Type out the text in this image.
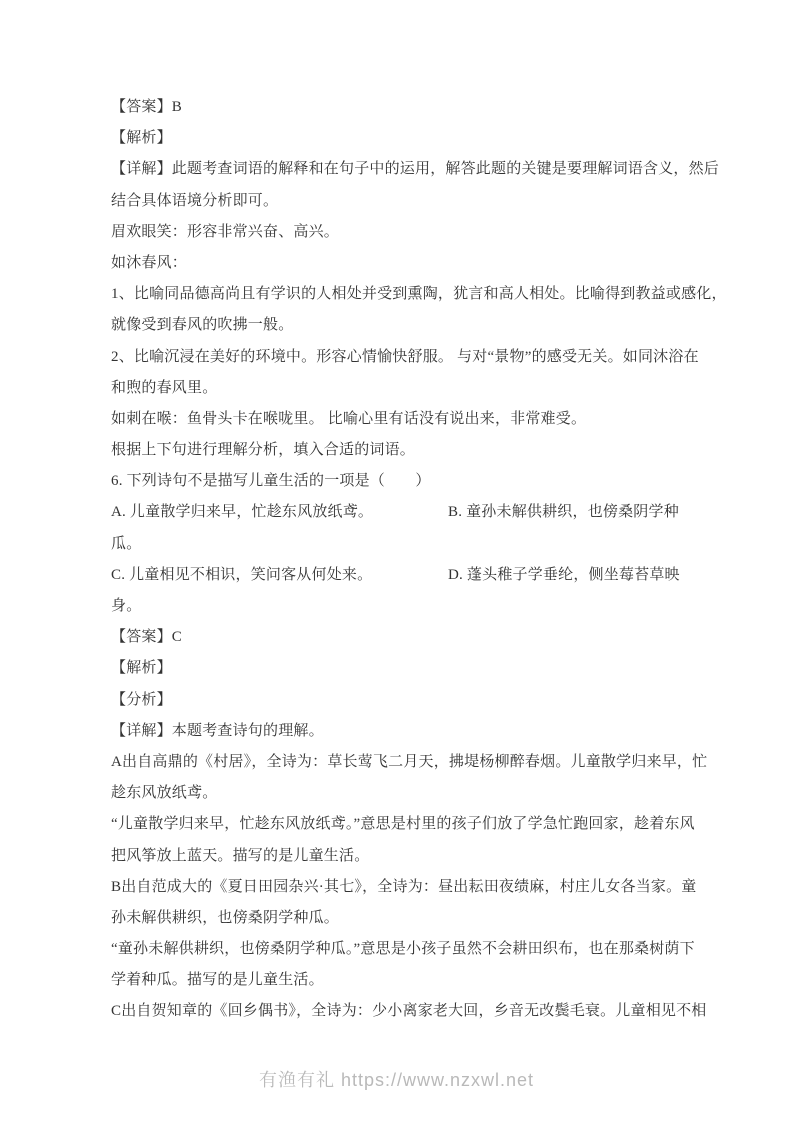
【答案】B
【解析】
【详解】此题考查词语的解释和在句子中的运用，解答此题的关键是要理解词语含义，然后
结合具体语境分析即可。
眉欢眼笑：形容非常兴奋、高兴。
如沐春风：
1、比喻同品德高尚且有学识的人相处并受到熏陶，犹言和高人相处。比喻得到教益或感化，
就像受到春风的吹拂一般。
2、比喻沉浸在美好的环境中。形容心情愉快舒服。 与对“景物”的感受无关。如同沐浴在
和煦的春风里。
如刺在喉：鱼骨头卡在喉咙里。 比喻心里有话没有说出来，非常难受。
根据上下句进行理解分析，填入合适的词语。
6. 下列诗句不是描写儿童生活的一项是（　　）
A. 儿童散学归来早，忙趁东风放纸鸢。	B. 童孙未解供耕织，也傍桑阴学种
瓜。
C. 儿童相见不相识，笑问客从何处来。	D. 蓬头稚子学垂纶，侧坐莓苔草映
身。
【答案】C
【解析】
【分析】
【详解】本题考查诗句的理解。
A出自高鼎的《村居》，全诗为：草长莺飞二月天，拂堤杨柳醉春烟。儿童散学归来早，忙
趁东风放纸鸢。
“儿童散学归来早，忙趁东风放纸鸢。”意思是村里的孩子们放了学急忙跑回家，趁着东风
把风筝放上蓝天。描写的是儿童生活。
B出自范成大的《夏日田园杂兴·其七》，全诗为：昼出耘田夜绩麻，村庄儿女各当家。童
孙未解供耕织，也傍桑阴学种瓜。
“童孙未解供耕织，也傍桑阴学种瓜。”意思是小孩子虽然不会耕田织布，也在那桑树荫下
学着种瓜。描写的是儿童生活。
C出自贺知章的《回乡偶书》，全诗为：少小离家老大回，乡音无改鬓毛衰。儿童相见不相
有渔有礼 https://www.nzxwl.net
